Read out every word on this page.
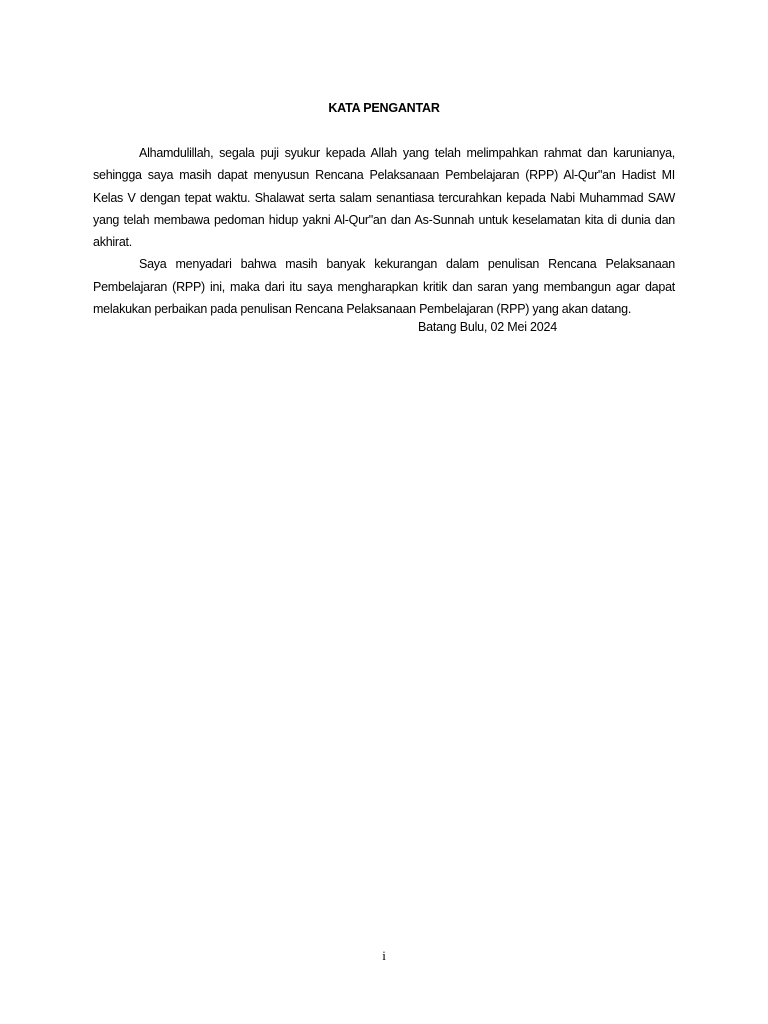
KATA PENGANTAR

Alhamdulillah, segala puji syukur kepada Allah yang telah melimpahkan rahmat dan karunianya, sehingga saya masih dapat menyusun Rencana Pelaksanaan Pembelajaran (RPP) Al-Qur"an Hadist MI Kelas V dengan tepat waktu. Shalawat serta salam senantiasa tercurahkan kepada Nabi Muhammad SAW yang telah membawa pedoman hidup yakni Al-Qur"an dan As-Sunnah untuk keselamatan kita di dunia dan akhirat.

Saya menyadari bahwa masih banyak kekurangan dalam penulisan Rencana Pelaksanaan Pembelajaran (RPP) ini, maka dari itu saya mengharapkan kritik dan saran yang membangun agar dapat melakukan perbaikan pada penulisan Rencana Pelaksanaan Pembelajaran (RPP) yang akan datang.

Batang Bulu, 02 Mei 2024
i
